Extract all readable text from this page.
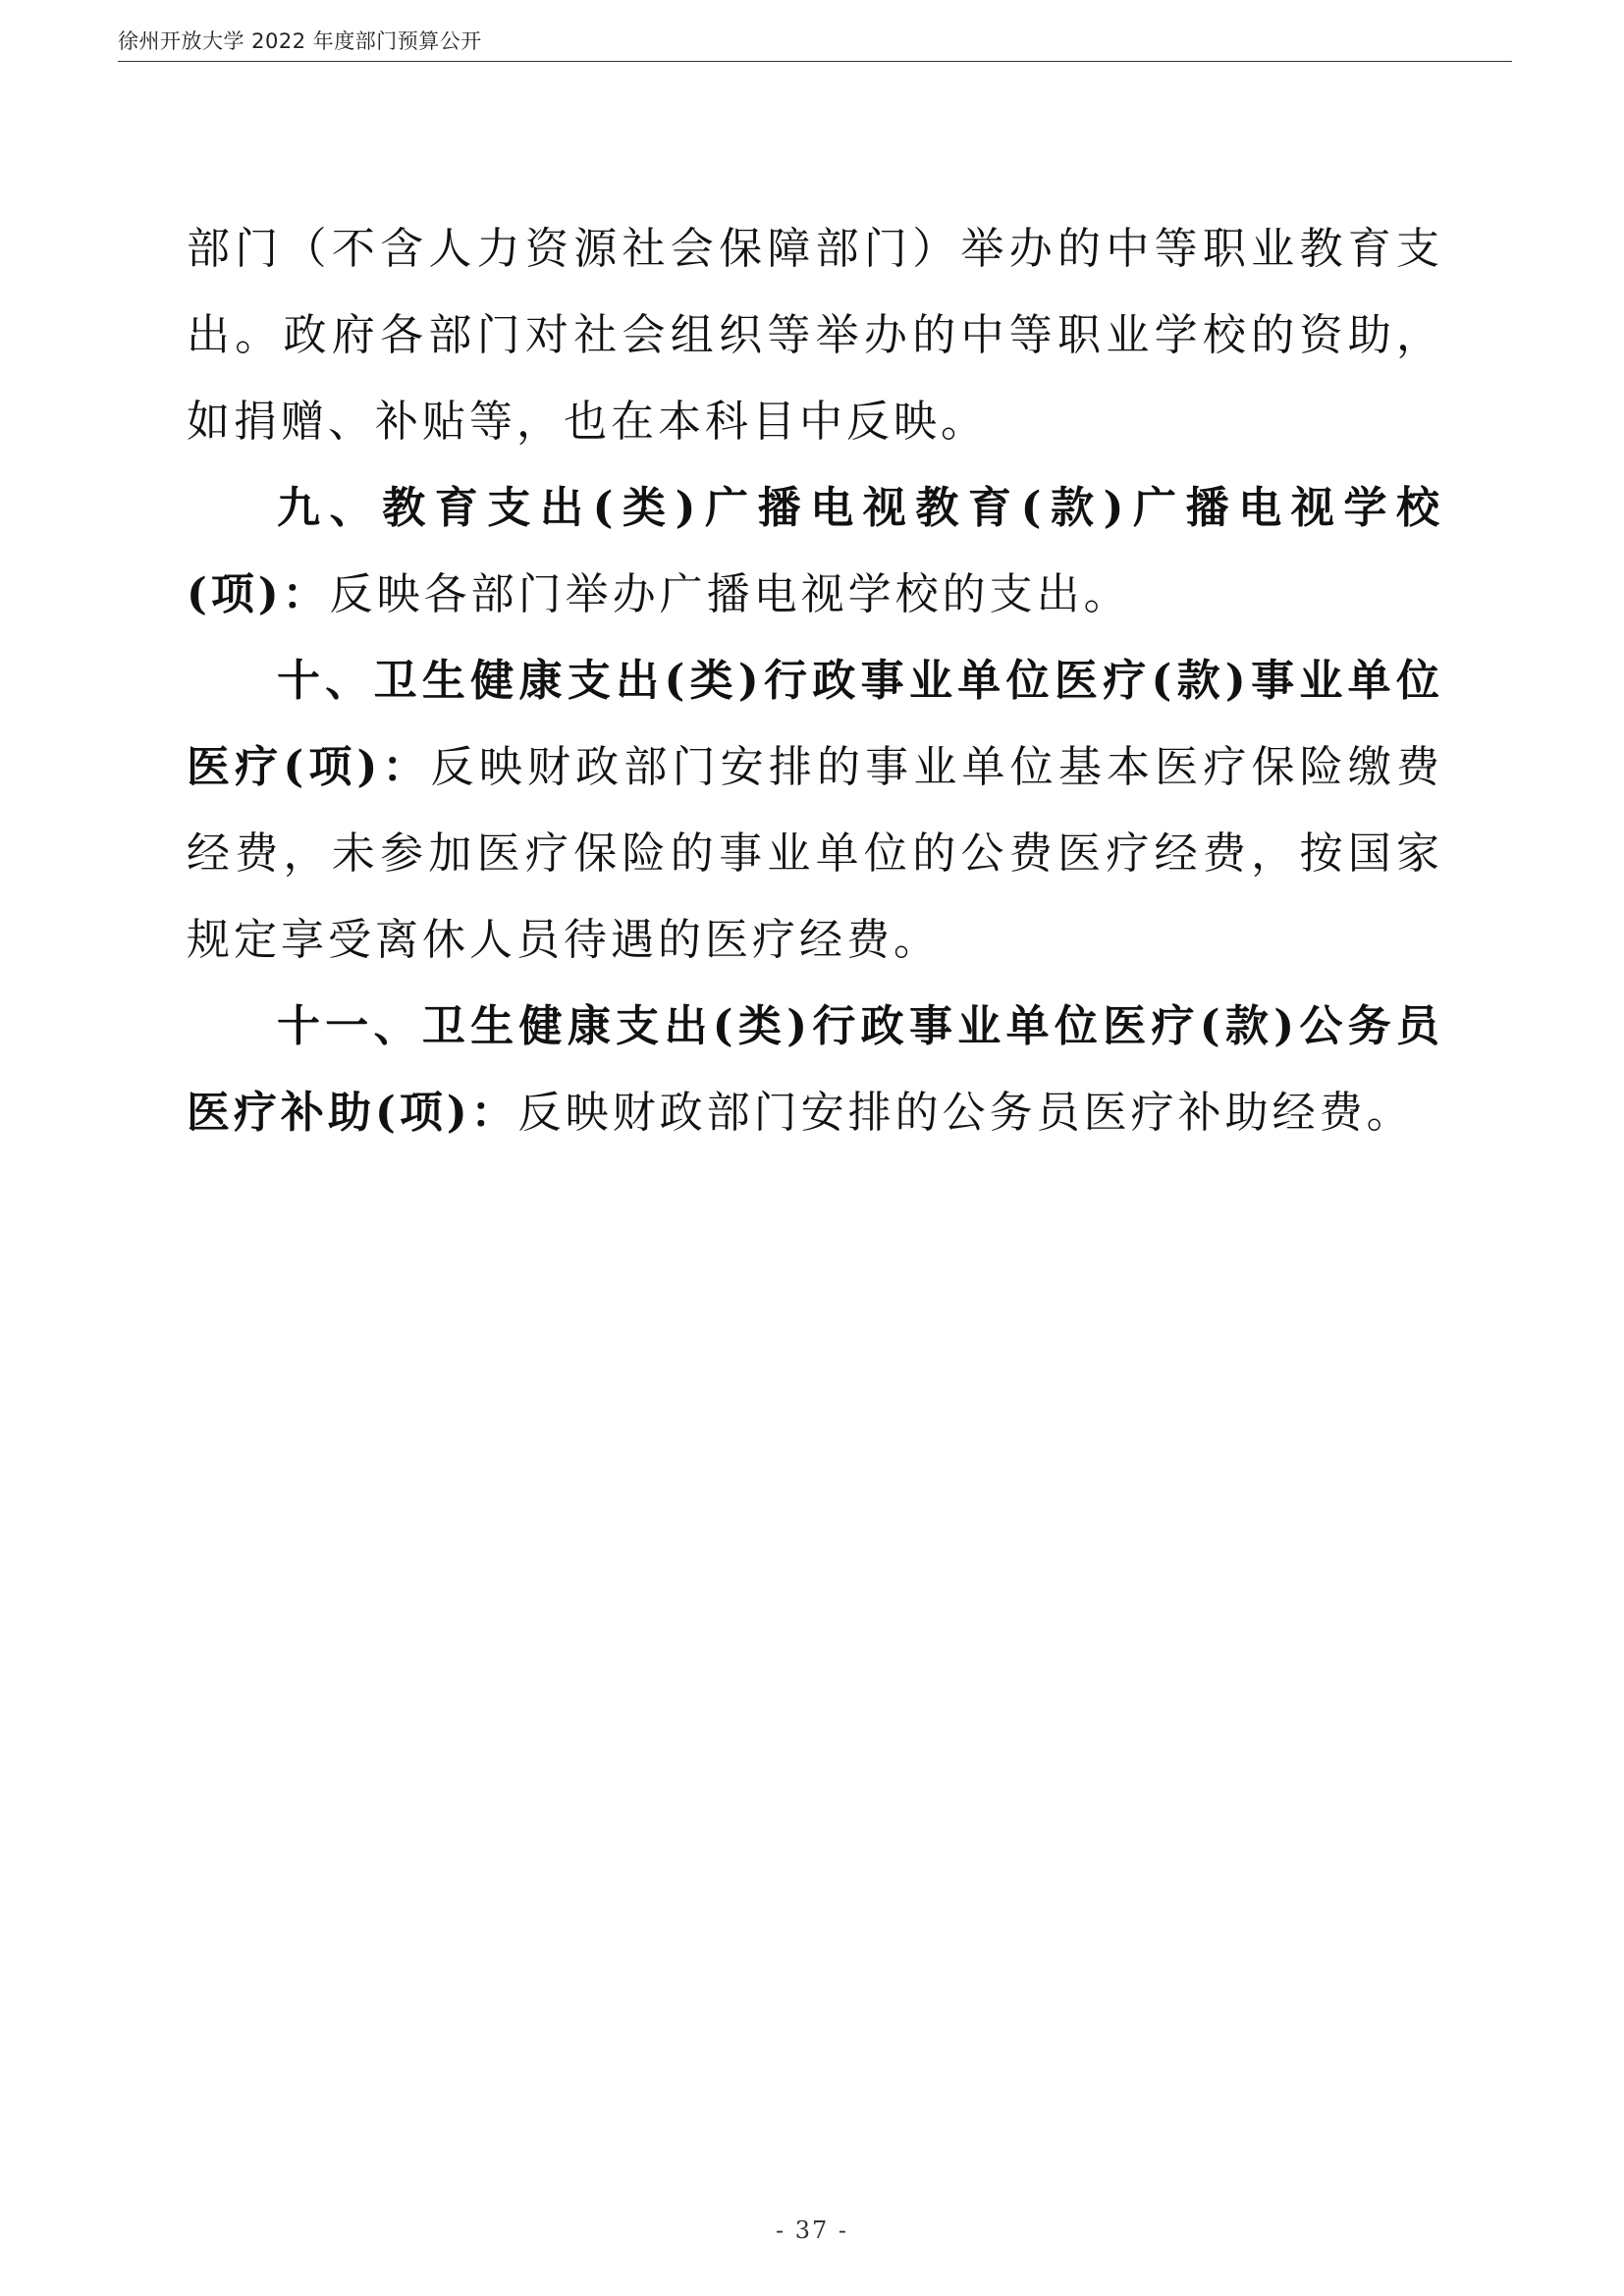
徐州开放大学 2022 年度部门预算公开

部门（不含人力资源社会保障部门）举办的中等职业教育支出。政府各部门对社会组织等举办的中等职业学校的资助，如捐赠、补贴等，也在本科目中反映。

九、教育支出(类)广播电视教育(款)广播电视学校(项)：反映各部门举办广播电视学校的支出。

十、卫生健康支出(类)行政事业单位医疗(款)事业单位医疗(项)：反映财政部门安排的事业单位基本医疗保险缴费经费，未参加医疗保险的事业单位的公费医疗经费，按国家规定享受离休人员待遇的医疗经费。

十一、卫生健康支出(类)行政事业单位医疗(款)公务员医疗补助(项)：反映财政部门安排的公务员医疗补助经费。

- 37 -
